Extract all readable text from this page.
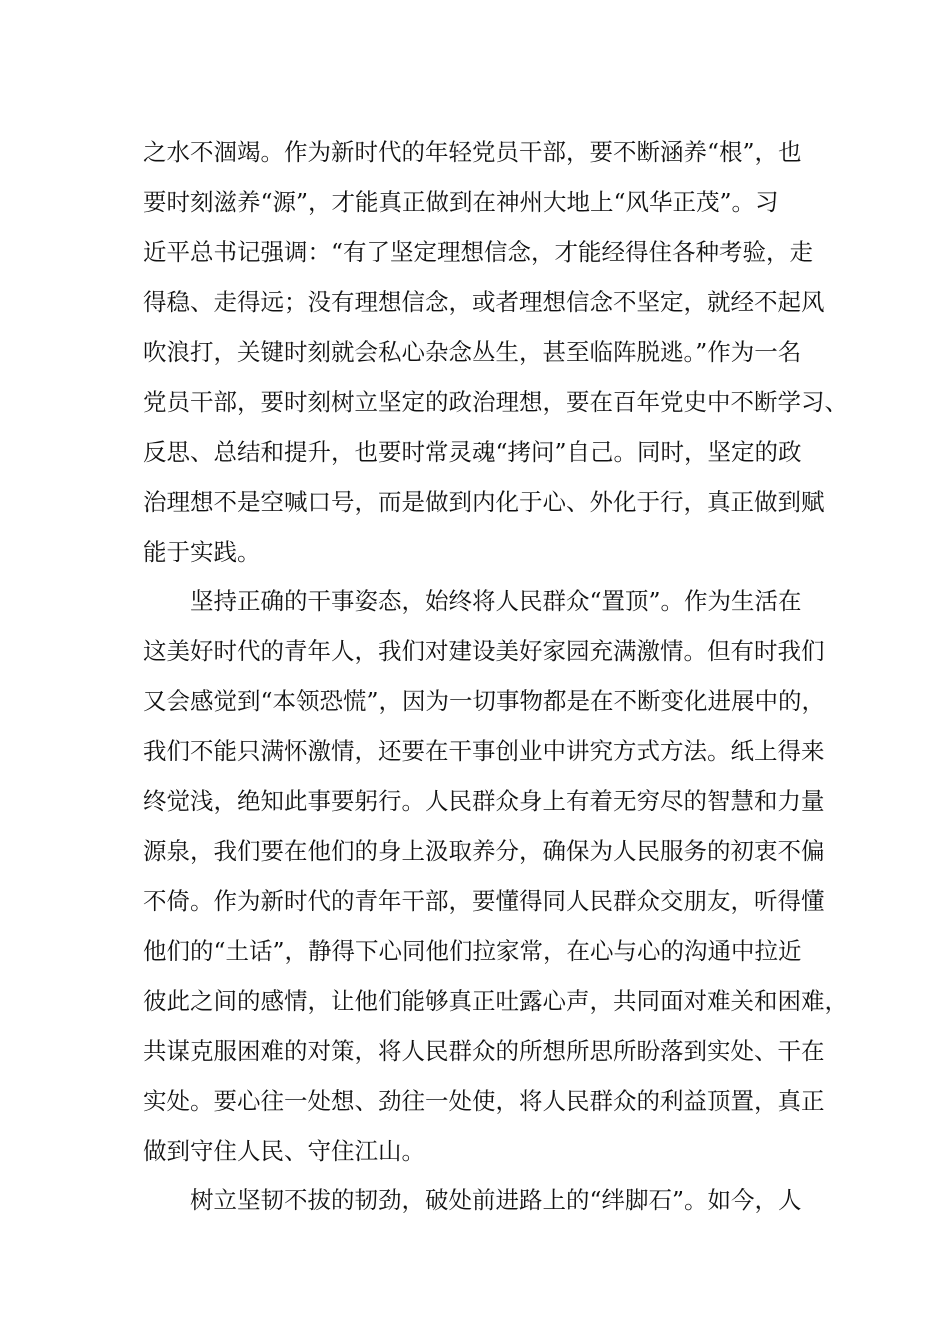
之水不涸竭。作为新时代的年轻党员干部，要不断涵养“根”，也
要时刻滋养“源”，才能真正做到在神州大地上“风华正茂”。习
近平总书记强调：“有了坚定理想信念，才能经得住各种考验，走
得稳、走得远；没有理想信念，或者理想信念不坚定，就经不起风
吹浪打，关键时刻就会私心杂念丛生，甚至临阵脱逃。”作为一名
党员干部，要时刻树立坚定的政治理想，要在百年党史中不断学习、
反思、总结和提升，也要时常灵魂“拷问”自己。同时，坚定的政
治理想不是空喊口号，而是做到内化于心、外化于行，真正做到赋
能于实践。
坚持正确的干事姿态，始终将人民群众“置顶”。作为生活在
这美好时代的青年人，我们对建设美好家园充满激情。但有时我们
又会感觉到“本领恐慌”，因为一切事物都是在不断变化进展中的，
我们不能只满怀激情，还要在干事创业中讲究方式方法。纸上得来
终觉浅，绝知此事要躬行。人民群众身上有着无穷尽的智慧和力量
源泉，我们要在他们的身上汲取养分，确保为人民服务的初衷不偏
不倚。作为新时代的青年干部，要懂得同人民群众交朋友，听得懂
他们的“土话”，静得下心同他们拉家常，在心与心的沟通中拉近
彼此之间的感情，让他们能够真正吐露心声，共同面对难关和困难，
共谋克服困难的对策，将人民群众的所想所思所盼落到实处、干在
实处。要心往一处想、劲往一处使，将人民群众的利益顶置，真正
做到守住人民、守住江山。
树立坚韧不拔的韧劲，破处前进路上的“绊脚石”。如今，人
